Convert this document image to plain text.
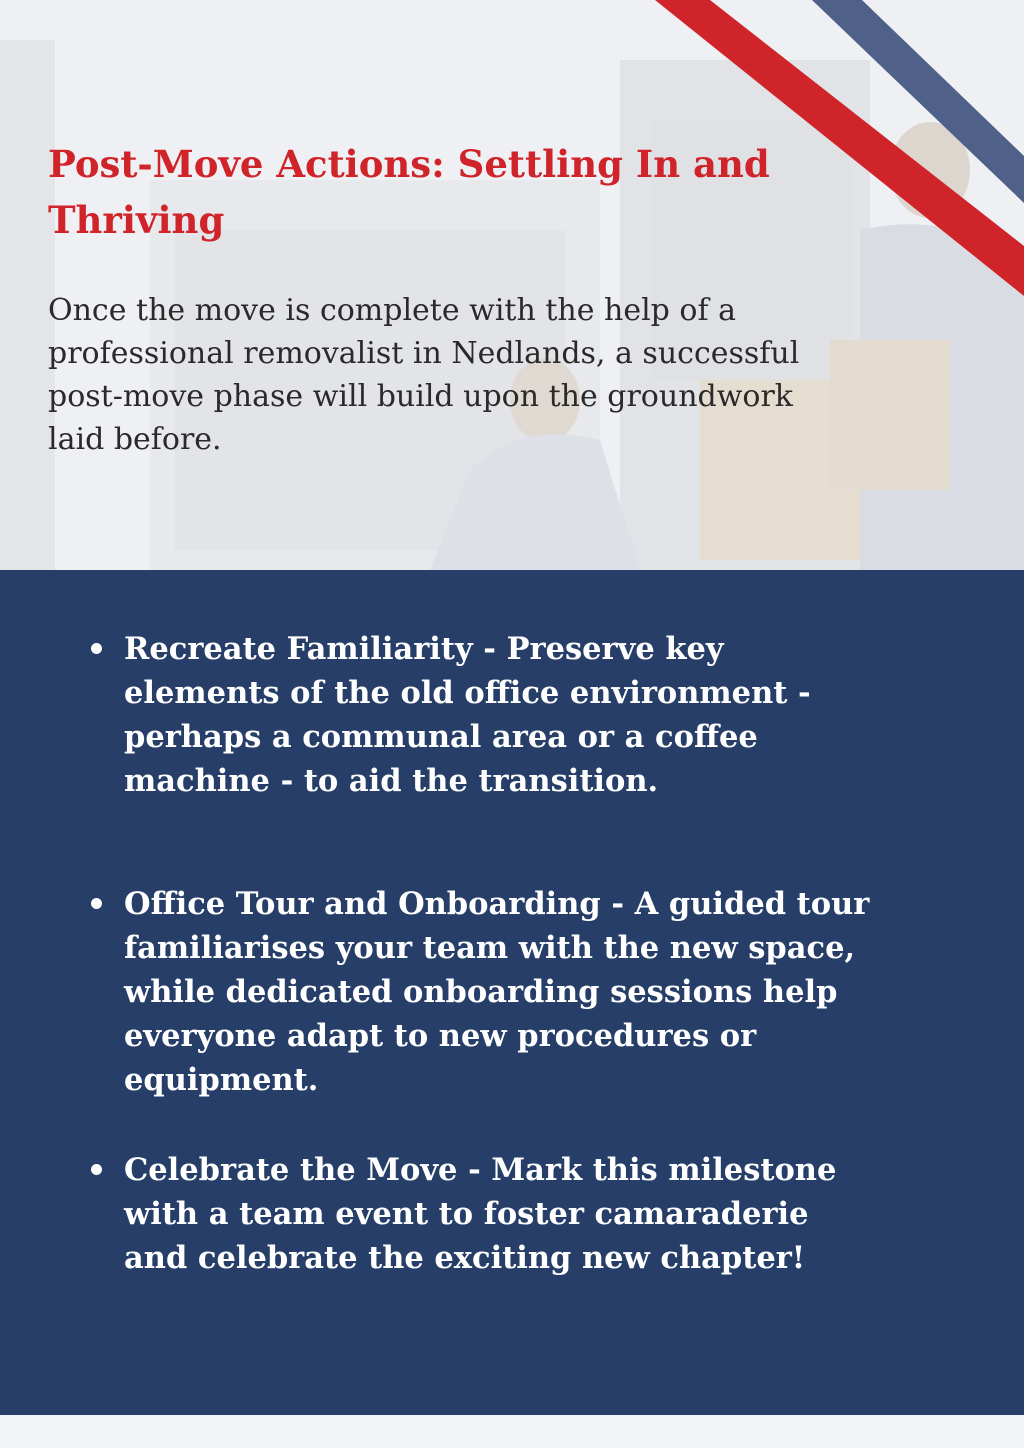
Post-Move Actions: Settling In and Thriving

Once the move is complete with the help of a professional removalist in Nedlands, a successful post-move phase will build upon the groundwork laid before.

Recreate Familiarity - Preserve key elements of the old office environment - perhaps a communal area or a coffee machine - to aid the transition.
Office Tour and Onboarding - A guided tour familiarises your team with the new space, while dedicated onboarding sessions help everyone adapt to new procedures or equipment.
Celebrate the Move - Mark this milestone with a team event to foster camaraderie and celebrate the exciting new chapter!
